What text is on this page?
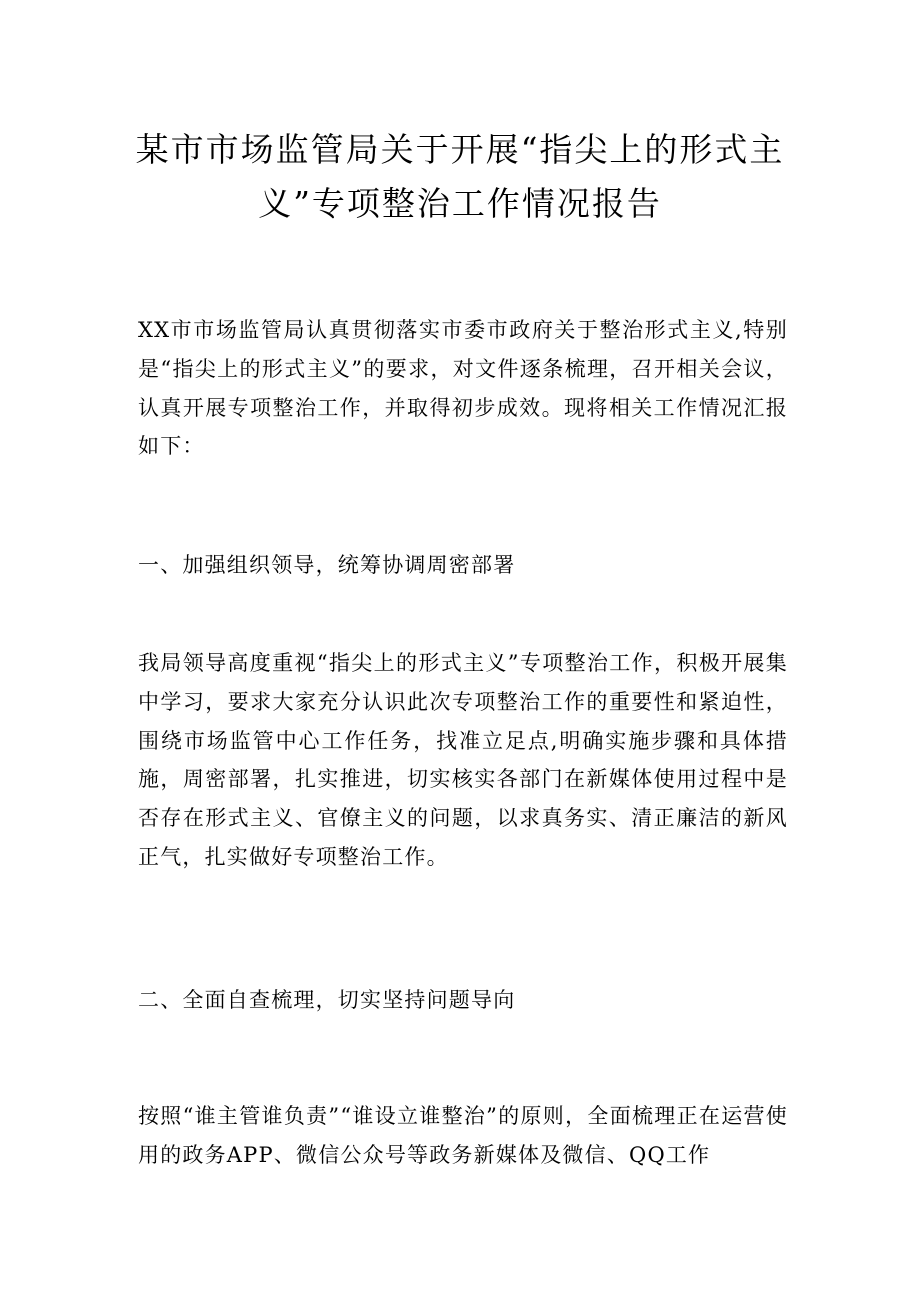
某市市场监管局关于开展“指尖上的形式主义”专项整治工作情况报告

XX市市场监管局认真贯彻落实市委市政府关于整治形式主义,特别是“指尖上的形式主义”的要求，对文件逐条梳理，召开相关会议，认真开展专项整治工作，并取得初步成效。现将相关工作情况汇报如下：

一、加强组织领导，统筹协调周密部署

我局领导高度重视“指尖上的形式主义”专项整治工作，积极开展集中学习，要求大家充分认识此次专项整治工作的重要性和紧迫性，围绕市场监管中心工作任务，找准立足点,明确实施步骤和具体措施，周密部署，扎实推进，切实核实各部门在新媒体使用过程中是否存在形式主义、官僚主义的问题，以求真务实、清正廉洁的新风正气，扎实做好专项整治工作。

二、全面自查梳理，切实坚持问题导向

按照“谁主管谁负责”“谁设立谁整治”的原则，全面梳理正在运营使用的政务APP、微信公众号等政务新媒体及微信、QQ工作
